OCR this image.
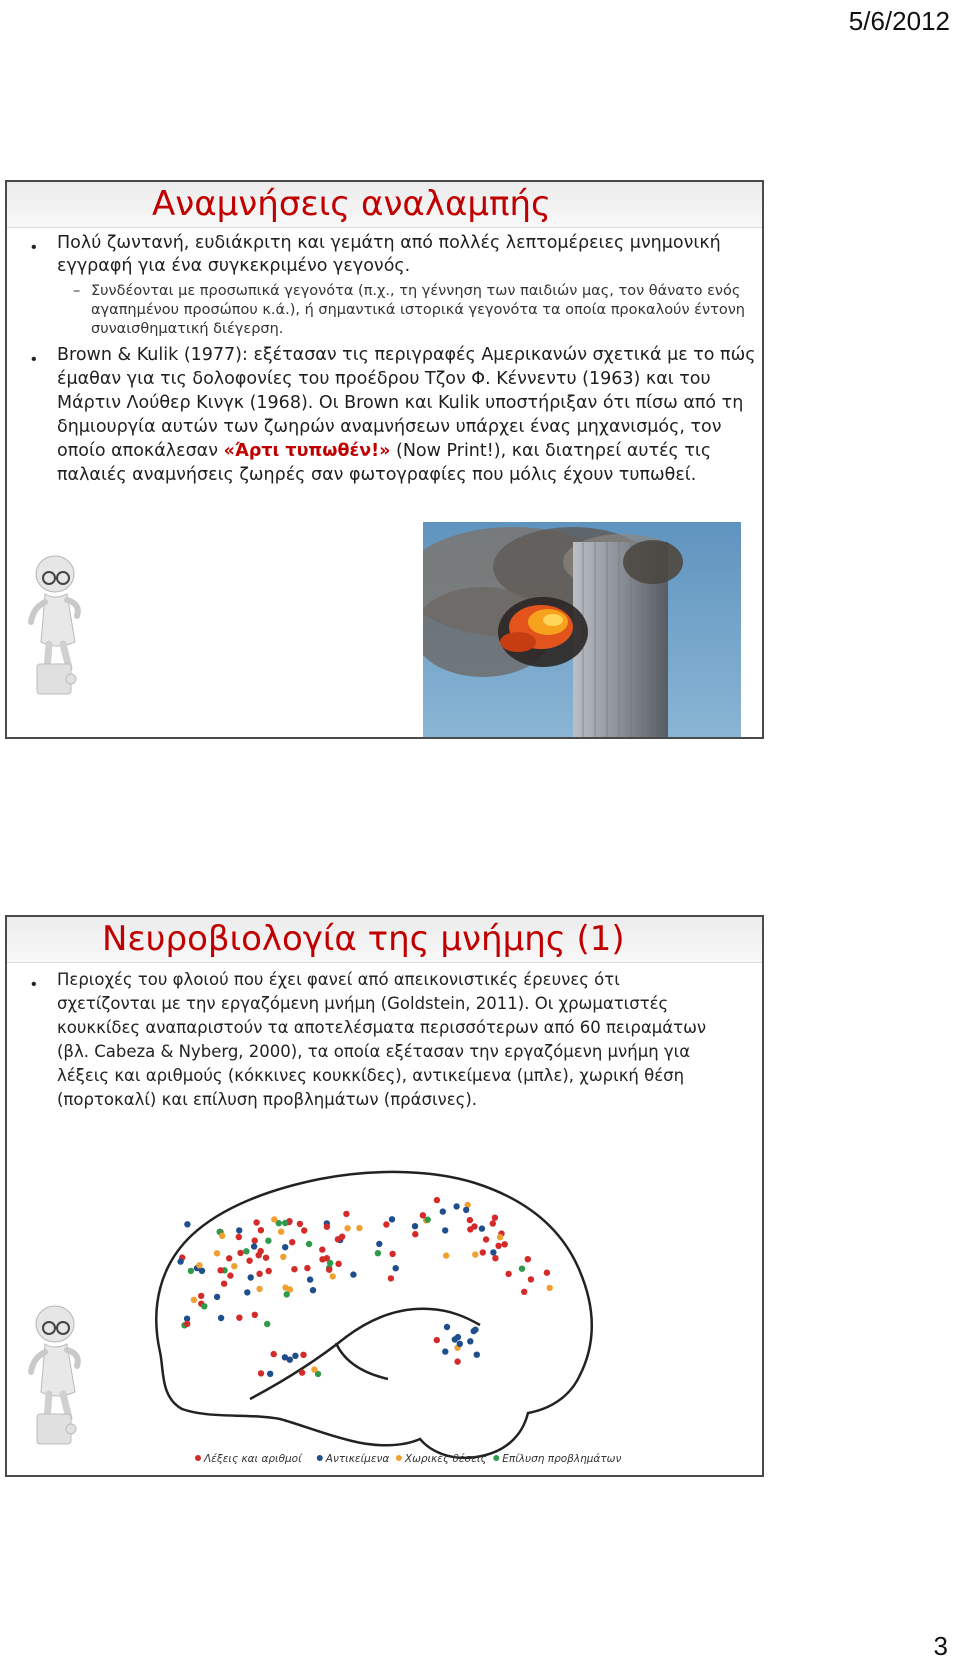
5/6/2012
Αναμνήσεις αναλαμπής
• Πολύ ζωντανή, ευδιάκριτη και γεμάτη από πολλές λεπτομέρειες μνημονική
εγγραφή για ένα συγκεκριμένο γεγονός.
– Συνδέονται με προσωπικά γεγονότα (π.χ., τη γέννηση των παιδιών μας, τον θάνατο ενός
αγαπημένου προσώπου κ.ά.), ή σημαντικά ιστορικά γεγονότα τα οποία προκαλούν έντονη
συναισθηματική διέγερση.
• Brown & Kulik (1977): εξέτασαν τις περιγραφές Αμερικανών σχετικά με το πώς
έμαθαν για τις δολοφονίες του προέδρου Τζον Φ. Κέννεντυ (1963) και του
Μάρτιν Λούθερ Κινγκ (1968). Οι Brown και Kulik υποστήριξαν ότι πίσω από τη
δημιουργία αυτών των ζωηρών αναμνήσεων υπάρχει ένας μηχανισμός, τον
οποίο αποκάλεσαν «Άρτι τυπωθέν!» (Now Print!), και διατηρεί αυτές τις
παλαιές αναμνήσεις ζωηρές σαν φωτογραφίες που μόλις έχουν τυπωθεί.
Νευροβιολογία της μνήμης (1)
• Περιοχές του φλοιού που έχει φανεί από απεικονιστικές έρευνες ότι
σχετίζονται με την εργαζόμενη μνήμη (Goldstein, 2011). Οι χρωματιστές
κουκκίδες αναπαριστούν τα αποτελέσματα περισσότερων από 60 πειραμάτων
(βλ. Cabeza & Nyberg, 2000), τα οποία εξέτασαν την εργαζόμενη μνήμη για
λέξεις και αριθμούς (κόκκινες κουκκίδες), αντικείμενα (μπλε), χωρική θέση
(πορτοκαλί) και επίλυση προβλημάτων (πράσινες).
Λέξεις και αριθμοί Αντικείμενα Χωρικές θέσεις Επίλυση προβλημάτων
3
